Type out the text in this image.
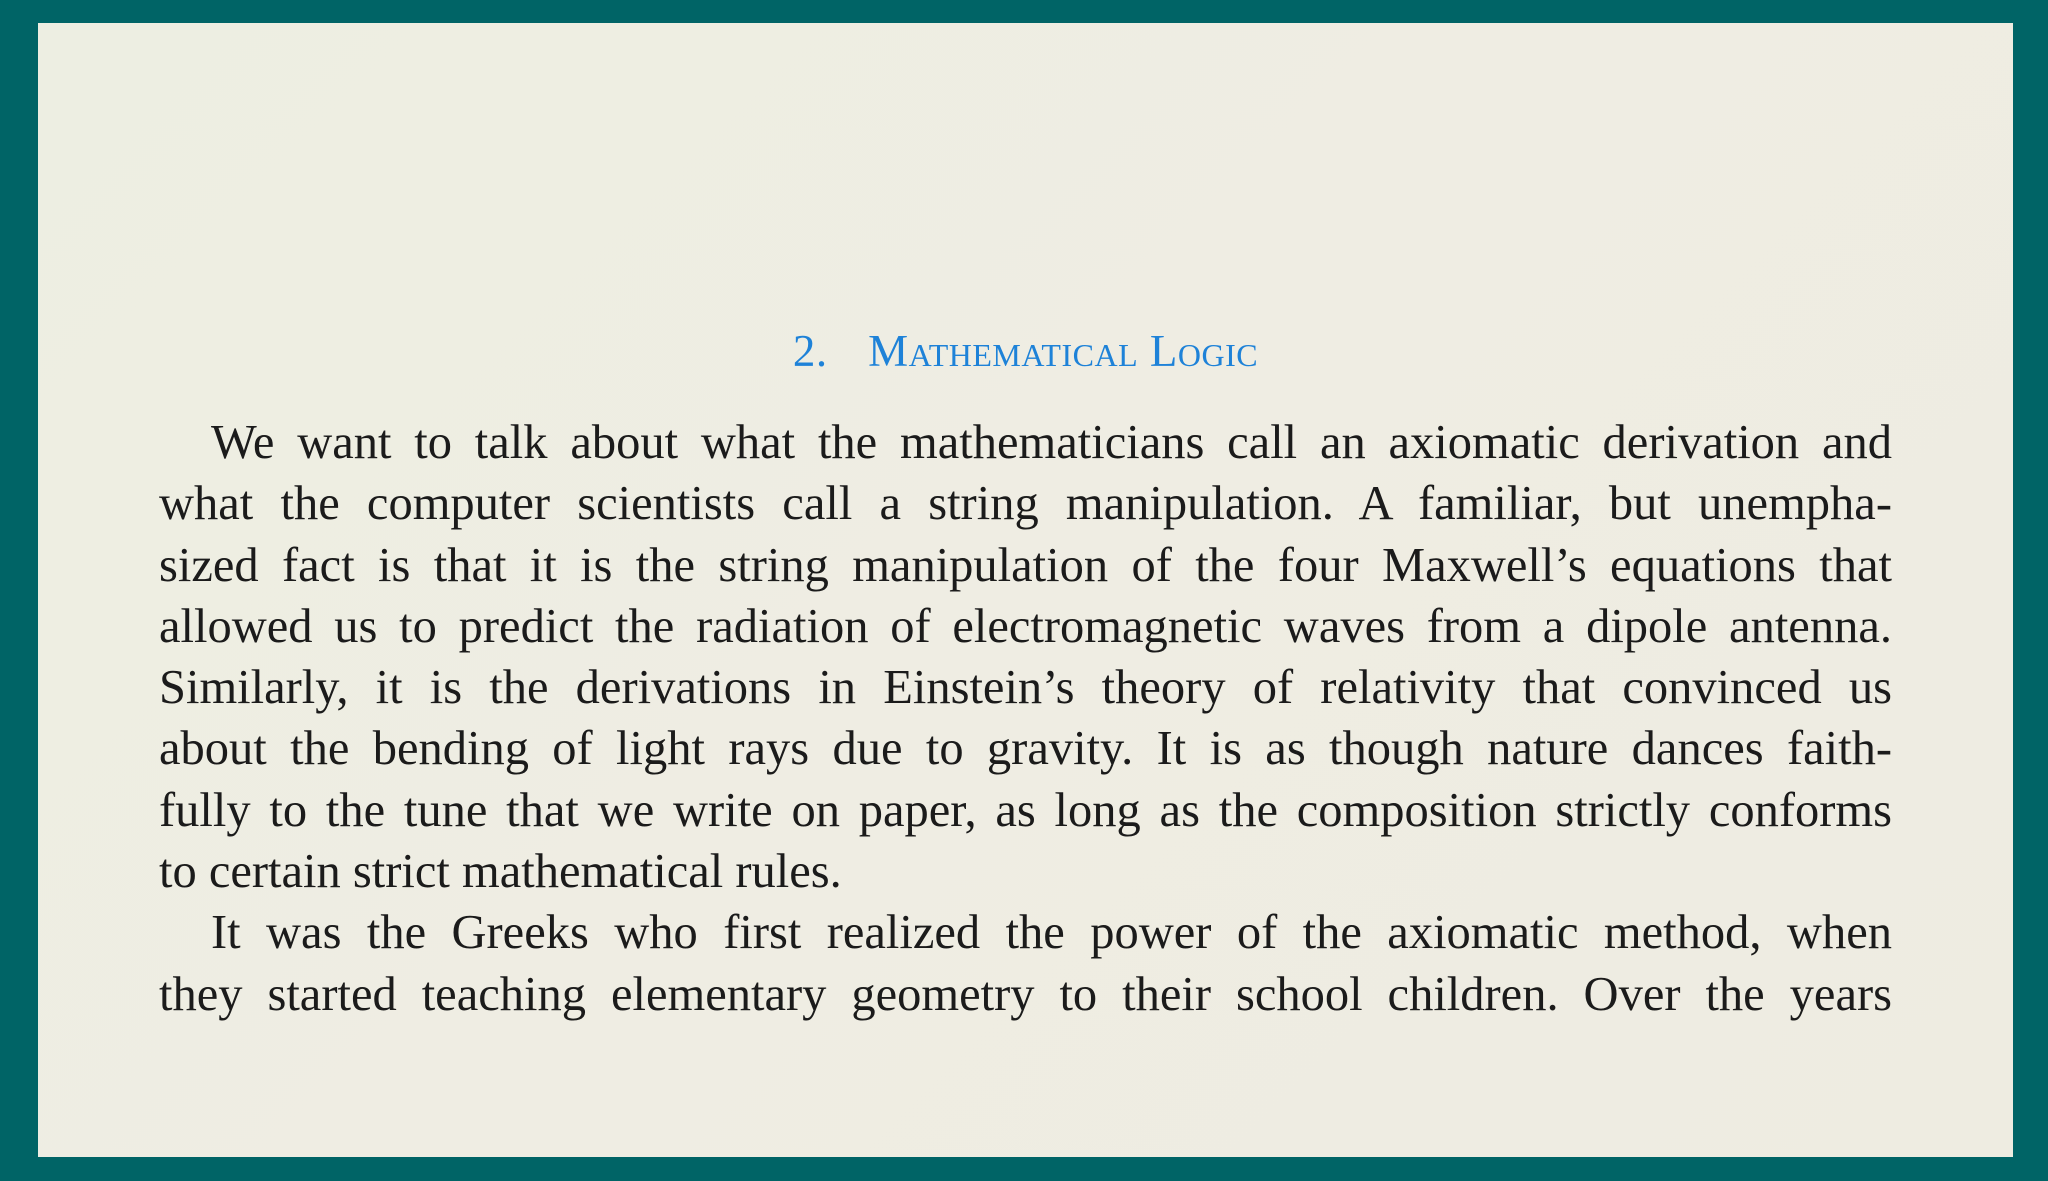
2. Mathematical Logic
We want to talk about what the mathematicians call an axiomatic derivation and
what the computer scientists call a string manipulation. A familiar, but unempha-
sized fact is that it is the string manipulation of the four Maxwell’s equations that
allowed us to predict the radiation of electromagnetic waves from a dipole antenna.
Similarly, it is the derivations in Einstein’s theory of relativity that convinced us
about the bending of light rays due to gravity. It is as though nature dances faith-
fully to the tune that we write on paper, as long as the composition strictly conforms
to certain strict mathematical rules.
It was the Greeks who first realized the power of the axiomatic method, when
they started teaching elementary geometry to their school children. Over the years
